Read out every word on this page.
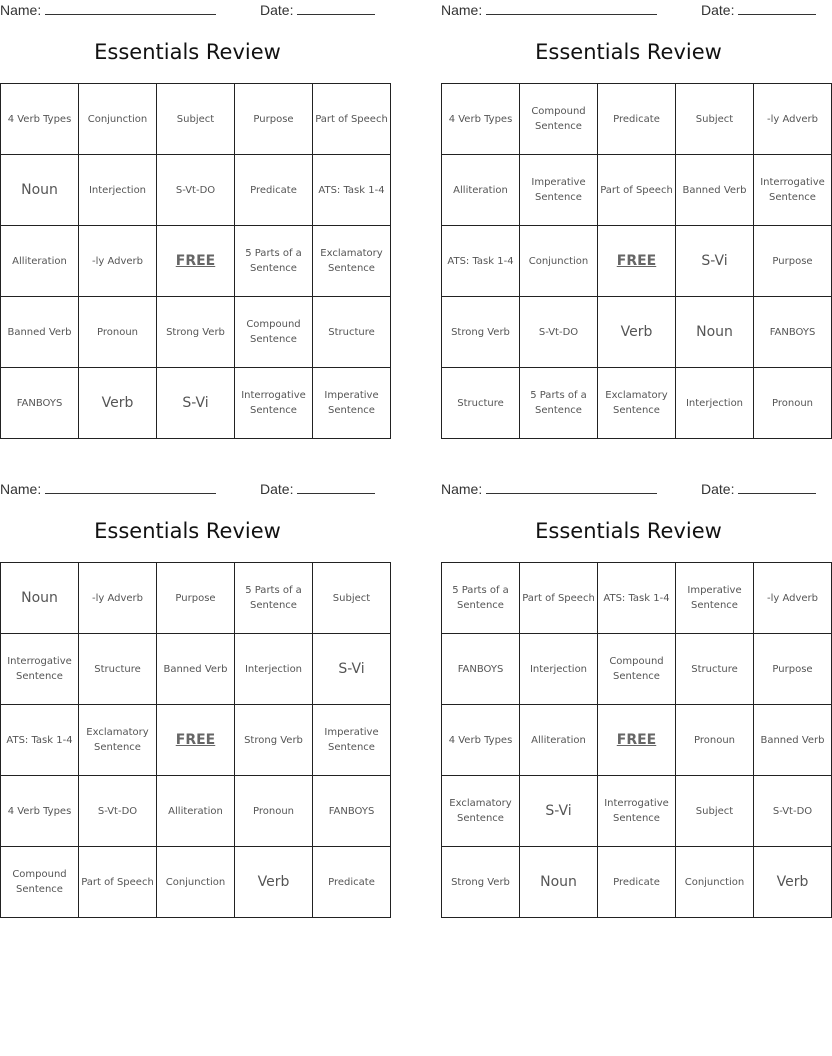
Name:	Date:
Essentials Review
4 Verb Types	Conjunction	Subject	Purpose	Part of Speech
Noun	Interjection	S-Vt-DO	Predicate	ATS: Task 1-4
Alliteration	-ly Adverb	FREE	5 Parts of a Sentence	Exclamatory Sentence
Banned Verb	Pronoun	Strong Verb	Compound Sentence	Structure
FANBOYS	Verb	S-Vi	Interrogative Sentence	Imperative Sentence
Name:	Date:
Essentials Review
4 Verb Types	Compound Sentence	Predicate	Subject	-ly Adverb
Alliteration	Imperative Sentence	Part of Speech	Banned Verb	Interrogative Sentence
ATS: Task 1-4	Conjunction	FREE	S-Vi	Purpose
Strong Verb	S-Vt-DO	Verb	Noun	FANBOYS
Structure	5 Parts of a Sentence	Exclamatory Sentence	Interjection	Pronoun
Name:	Date:
Essentials Review
Noun	-ly Adverb	Purpose	5 Parts of a Sentence	Subject
Interrogative Sentence	Structure	Banned Verb	Interjection	S-Vi
ATS: Task 1-4	Exclamatory Sentence	FREE	Strong Verb	Imperative Sentence
4 Verb Types	S-Vt-DO	Alliteration	Pronoun	FANBOYS
Compound Sentence	Part of Speech	Conjunction	Verb	Predicate
Name:	Date:
Essentials Review
5 Parts of a Sentence	Part of Speech	ATS: Task 1-4	Imperative Sentence	-ly Adverb
FANBOYS	Interjection	Compound Sentence	Structure	Purpose
4 Verb Types	Alliteration	FREE	Pronoun	Banned Verb
Exclamatory Sentence	S-Vi	Interrogative Sentence	Subject	S-Vt-DO
Strong Verb	Noun	Predicate	Conjunction	Verb
